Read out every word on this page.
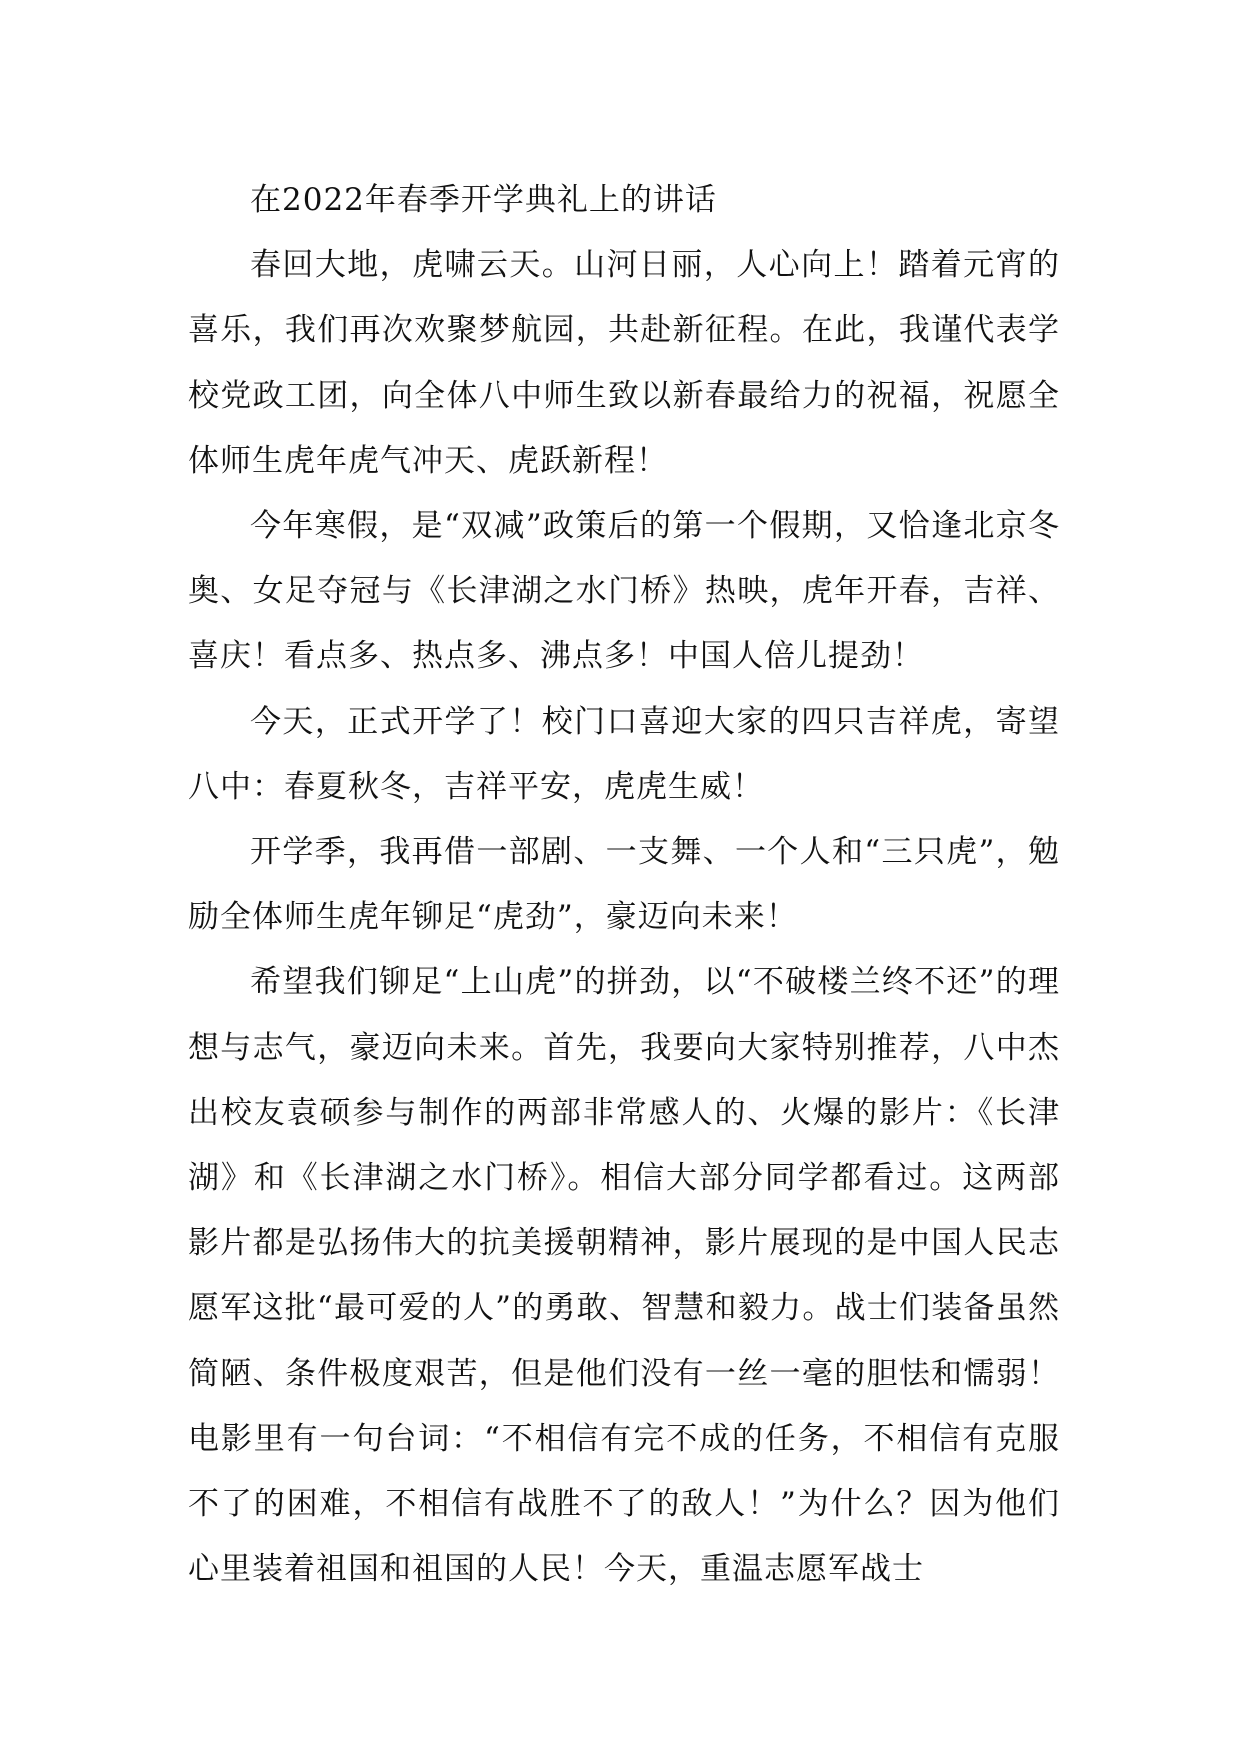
在2022年春季开学典礼上的讲话

春回大地，虎啸云天。山河日丽，人心向上！踏着元宵的喜乐，我们再次欢聚梦航园，共赴新征程。在此，我谨代表学校党政工团，向全体八中师生致以新春最给力的祝福，祝愿全体师生虎年虎气冲天、虎跃新程！

今年寒假，是“双减”政策后的第一个假期，又恰逢北京冬奥、女足夺冠与《长津湖之水门桥》热映，虎年开春，吉祥、喜庆！看点多、热点多、沸点多！中国人倍儿提劲！

今天，正式开学了！校门口喜迎大家的四只吉祥虎，寄望八中：春夏秋冬，吉祥平安，虎虎生威！

开学季，我再借一部剧、一支舞、一个人和“三只虎”，勉励全体师生虎年铆足“虎劲”，豪迈向未来！

希望我们铆足“上山虎”的拼劲，以“不破楼兰终不还”的理想与志气，豪迈向未来。首先，我要向大家特别推荐，八中杰出校友袁硕参与制作的两部非常感人的、火爆的影片：《长津湖》和《长津湖之水门桥》。相信大部分同学都看过。这两部影片都是弘扬伟大的抗美援朝精神，影片展现的是中国人民志愿军这批“最可爱的人”的勇敢、智慧和毅力。战士们装备虽然简陋、条件极度艰苦，但是他们没有一丝一毫的胆怯和懦弱！电影里有一句台词：“不相信有完不成的任务，不相信有克服不了的困难，不相信有战胜不了的敌人！”为什么？因为他们心里装着祖国和祖国的人民！今天，重温志愿军战士
